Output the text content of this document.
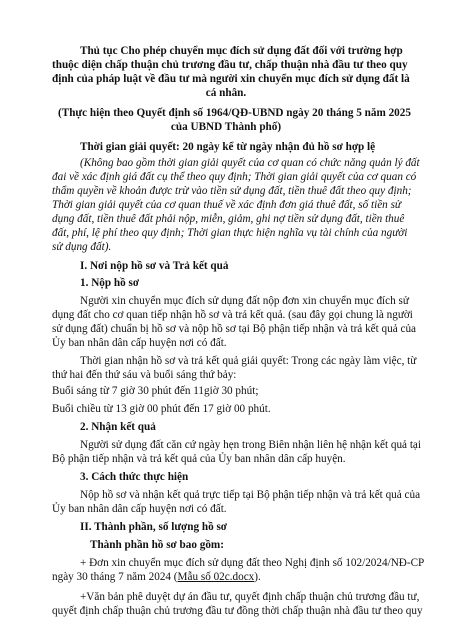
Thủ tục Cho phép chuyển mục đích sử dụng đất đối với trường hợp
thuộc diện chấp thuận chủ trương đầu tư, chấp thuận nhà đầu tư theo quy
định của pháp luật về đầu tư mà người xin chuyển mục đích sử dụng đất là
cá nhân.
(Thực hiện theo Quyết định số 1964/QĐ-UBND ngày 20 tháng 5 năm 2025
của UBND Thành phố)
Thời gian giải quyết: 20 ngày kể từ ngày nhận đủ hồ sơ hợp lệ
(Không bao gồm thời gian giải quyết của cơ quan có chức năng quản lý đất
đai về xác định giá đất cụ thể theo quy định; Thời gian giải quyết của cơ quan có
thẩm quyền về khoản được trừ vào tiền sử dụng đất, tiền thuê đất theo quy định;
Thời gian giải quyết của cơ quan thuế về xác định đơn giá thuê đất, số tiền sử
dụng đất, tiền thuê đất phải nộp, miễn, giảm, ghi nợ tiền sử dụng đất, tiền thuê
đất, phí, lệ phí theo quy định; Thời gian thực hiện nghĩa vụ tài chính của người
sử dụng đất).
I. Nơi nộp hồ sơ và Trả kết quả
1. Nộp hồ sơ
Người xin chuyển mục đích sử dụng đất nộp đơn xin chuyển mục đích sử
dụng đất cho cơ quan tiếp nhận hồ sơ và trả kết quả. (sau đây gọi chung là người
sử dụng đất) chuẩn bị hồ sơ và nộp hồ sơ tại Bộ phận tiếp nhận và trả kết quả của
Ủy ban nhân dân cấp huyện nơi có đất.
Thời gian nhận hồ sơ và trả kết quả giải quyết: Trong các ngày làm việc, từ
thứ hai đến thứ sáu và buổi sáng thứ bảy:
Buổi sáng từ 7 giờ 30 phút đến 11giờ 30 phút;
Buổi chiều từ 13 giờ 00 phút đến 17 giờ 00 phút.
2. Nhận kết quả
Người sử dụng đất căn cứ ngày hẹn trong Biên nhận liên hệ nhận kết quả tại
Bộ phận tiếp nhận và trả kết quả của Ủy ban nhân dân cấp huyện.
3. Cách thức thực hiện
Nộp hồ sơ và nhận kết quả trực tiếp tại Bộ phận tiếp nhận và trả kết quả của
Ủy ban nhân dân cấp huyện nơi có đất.
II. Thành phần, số lượng hồ sơ
Thành phần hồ sơ bao gồm:
+ Đơn xin chuyển mục đích sử dụng đất theo Nghị định số 102/2024/NĐ-CP
ngày 30 tháng 7 năm 2024 (Mẫu số 02c.docx).
+Văn bản phê duyệt dự án đầu tư, quyết định chấp thuận chủ trương đầu tư,
quyết định chấp thuận chủ trương đầu tư đồng thời chấp thuận nhà đầu tư theo quy
